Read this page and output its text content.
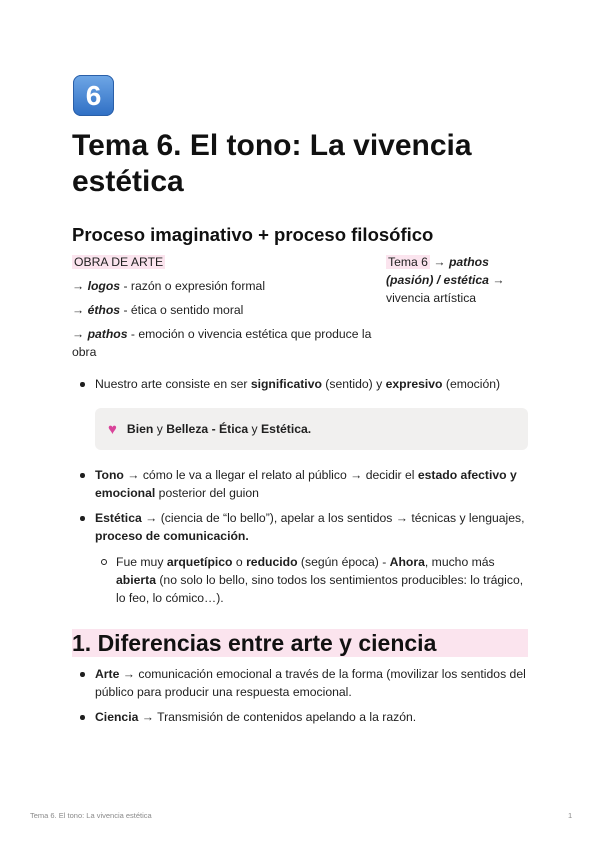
6
Tema 6. El tono: La vivencia estética
Proceso imaginativo + proceso filosófico
OBRA DE ARTE
→ logos - razón o expresión formal
→ éthos - ética o sentido moral
→ pathos - emoción o vivencia estética que produce la obra
Tema 6 → pathos (pasión) / estética → vivencia artística
Nuestro arte consiste en ser significativo (sentido) y expresivo (emoción)
♥ Bien y Belleza - Ética y Estética.
Tono → cómo le va a llegar el relato al público → decidir el estado afectivo y emocional posterior del guion
Estética → (ciencia de “lo bello”), apelar a los sentidos → técnicas y lenguajes, proceso de comunicación.
Fue muy arquetípico o reducido (según época) - Ahora, mucho más abierta (no solo lo bello, sino todos los sentimientos producibles: lo trágico, lo feo, lo cómico…).
1. Diferencias entre arte y ciencia
Arte → comunicación emocional a través de la forma (movilizar los sentidos del público para producir una respuesta emocional.
Ciencia → Transmisión de contenidos apelando a la razón.
Tema 6. El tono: La vivencia estética	1
